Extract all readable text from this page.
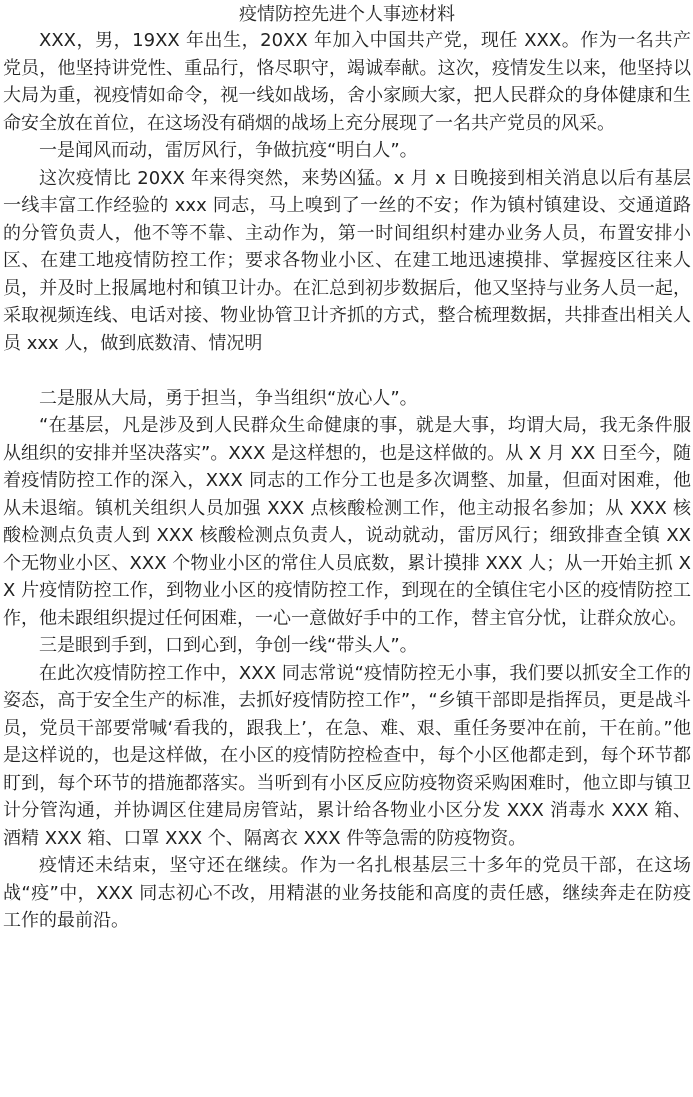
疫情防控先进个人事迹材料

XXX，男，19XX 年出生，20XX 年加入中国共产党，现任 XXX。作为一名共产党员，他坚持讲党性、重品行，恪尽职守，竭诚奉献。这次，疫情发生以来，他坚持以大局为重，视疫情如命令，视一线如战场，舍小家顾大家，把人民群众的身体健康和生命安全放在首位，在这场没有硝烟的战场上充分展现了一名共产党员的风采。

一是闻风而动，雷厉风行，争做抗疫“明白人”。

这次疫情比 20XX 年来得突然，来势凶猛。x 月 x 日晚接到相关消息以后有基层一线丰富工作经验的 xxx 同志，马上嗅到了一丝的不安；作为镇村镇建设、交通道路的分管负责人，他不等不靠、主动作为，第一时间组织村建办业务人员，布置安排小区、在建工地疫情防控工作；要求各物业小区、在建工地迅速摸排、掌握疫区往来人员，并及时上报属地村和镇卫计办。在汇总到初步数据后，他又坚持与业务人员一起，采取视频连线、电话对接、物业协管卫计齐抓的方式，整合梳理数据，共排查出相关人员 xxx 人，做到底数清、情况明

二是服从大局，勇于担当，争当组织“放心人”。

“在基层，凡是涉及到人民群众生命健康的事，就是大事，均谓大局，我无条件服从组织的安排并坚决落实”。XXX 是这样想的，也是这样做的。从 X 月 XX 日至今，随着疫情防控工作的深入，XXX 同志的工作分工也是多次调整、加量，但面对困难，他从未退缩。镇机关组织人员加强 XXX 点核酸检测工作，他主动报名参加；从 XXX 核酸检测点负责人到 XXX 核酸检测点负责人，说动就动，雷厉风行；细致排查全镇 XX 个无物业小区、XXX 个物业小区的常住人员底数，累计摸排 XXX 人；从一开始主抓 XX 片疫情防控工作，到物业小区的疫情防控工作，到现在的全镇住宅小区的疫情防控工作，他未跟组织提过任何困难，一心一意做好手中的工作，替主官分忧，让群众放心。

三是眼到手到，口到心到，争创一线“带头人”。

在此次疫情防控工作中，XXX 同志常说“疫情防控无小事，我们要以抓安全工作的姿态，高于安全生产的标准，去抓好疫情防控工作”，“乡镇干部即是指挥员，更是战斗员，党员干部要常喊‘看我的，跟我上’，在急、难、艰、重任务要冲在前，干在前。”他是这样说的，也是这样做，在小区的疫情防控检查中，每个小区他都走到，每个环节都盯到，每个环节的措施都落实。当听到有小区反应防疫物资采购困难时，他立即与镇卫计分管沟通，并协调区住建局房管站，累计给各物业小区分发 XXX 消毒水 XXX 箱、酒精 XXX 箱、口罩 XXX 个、隔离衣 XXX 件等急需的防疫物资。

疫情还未结束，坚守还在继续。作为一名扎根基层三十多年的党员干部，在这场战“疫”中，XXX 同志初心不改，用精湛的业务技能和高度的责任感，继续奔走在防疫工作的最前沿。
